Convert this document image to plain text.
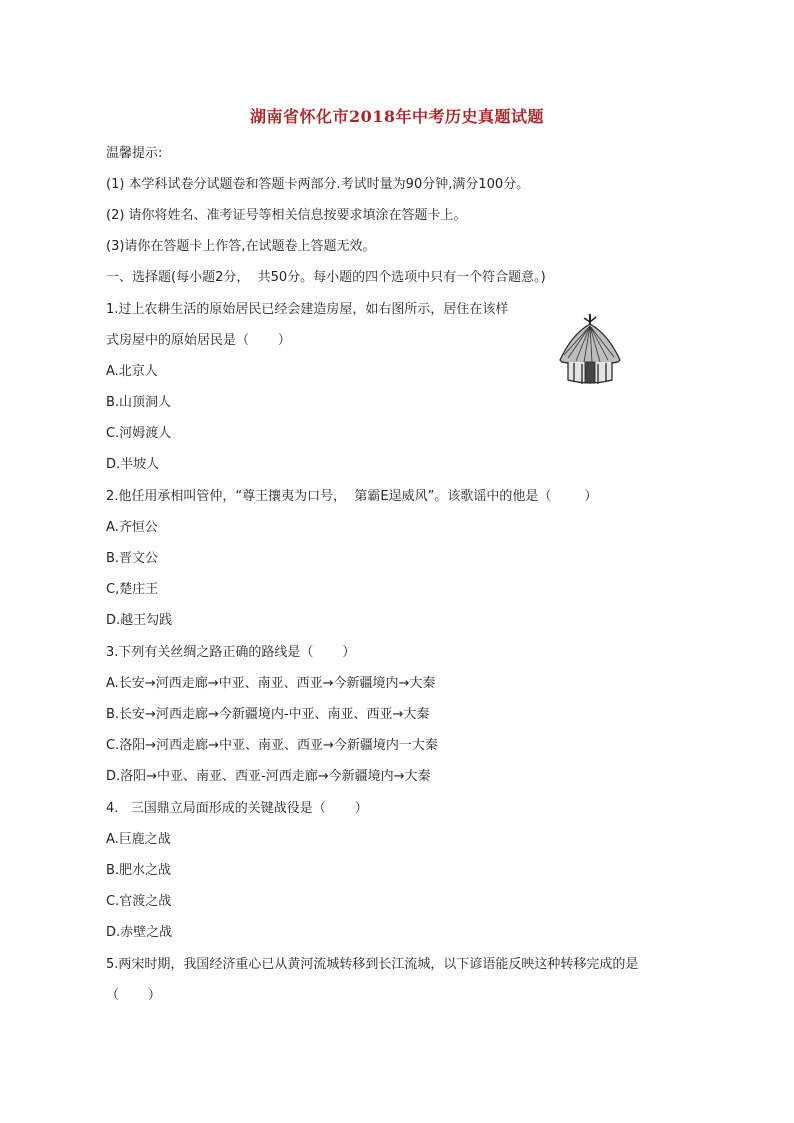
湖南省怀化市2018年中考历史真题试题
温馨提示:
(1) 本学科试卷分试题卷和答题卡两部分.考试时量为90分钟,满分100分。
(2) 请你将姓名、准考证号等相关信息按要求填涂在答题卡上。
(3)请你在答题卡上作答,在试题卷上答题无效。
一、选择题(每小题2分，  共50分。每小题的四个选项中只有一个符合题意。)
1.过上农耕生活的原始居民已经会建造房屋，如右图所示，居住在该样
式房屋中的原始居民是（       ）
A.北京人
B.山顶洞人
C.河姆渡人
D.半坡人
2.他任用承相叫管仲，“尊王攘夷为口号，  第霸E逞威风”。该歌谣中的他是（        ）
A.齐恒公
B.晋文公
C,楚庄王
D.越王勾践
3.下列有关丝绸之路正确的路线是（       ）
A.长安→河西走廊→中亚、南亚、西亚→今新疆境内→大秦
B.长安→河西走廊→今新疆境内-中亚、南亚、西亚→大秦
C.洛阳→河西走廊→中亚、南亚、西亚→今新疆境内一大秦
D.洛阳→中亚、南亚、西亚-河西走廊→今新疆境内→大秦
4.   三国鼎立局面形成的关键战役是（       ）
A.巨鹿之战
B.肥水之战
C.官渡之战
D.赤壁之战
5.两宋时期，我国经济重心已从黄河流城转移到长江流城，以下谚语能反映这种转移完成的是
（       ）
